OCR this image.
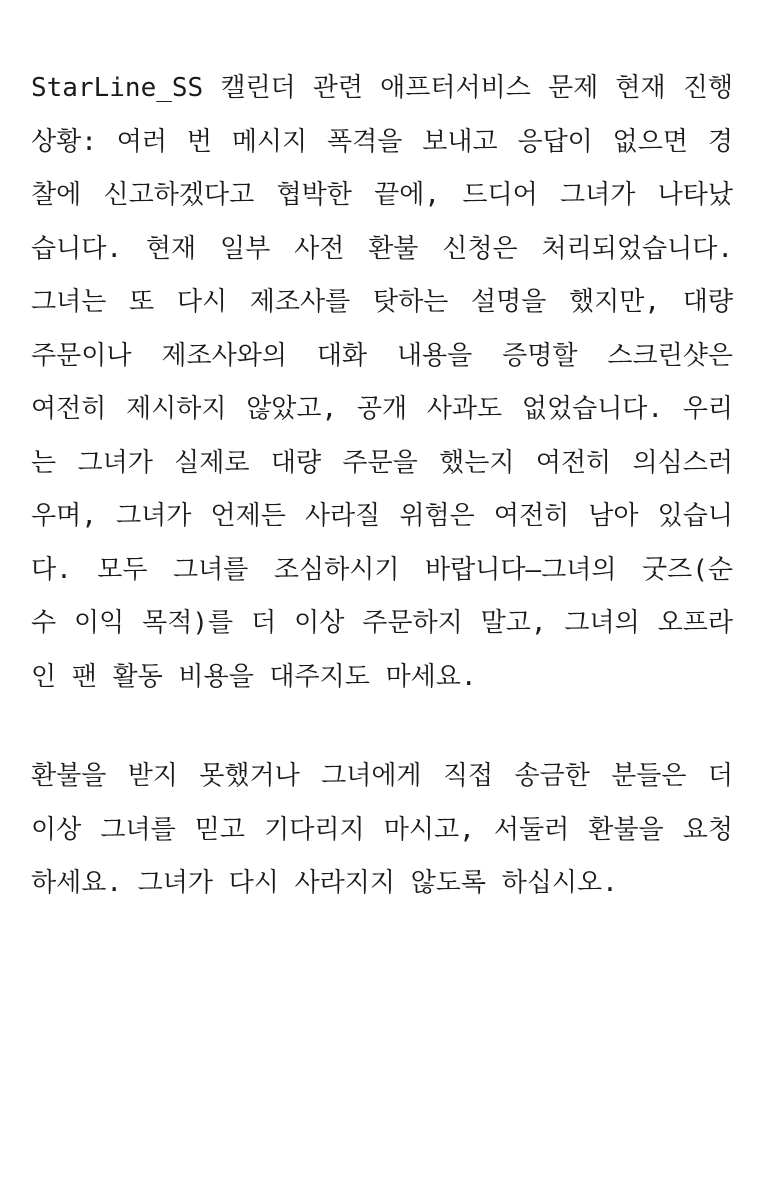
StarLine_SS 캘린더 관련 애프터서비스 문제 현재 진행
상황: 여러 번 메시지 폭격을 보내고 응답이 없으면 경
찰에 신고하겠다고 협박한 끝에, 드디어 그녀가 나타났
습니다. 현재 일부 사전 환불 신청은 처리되었습니다.
그녀는 또 다시 제조사를 탓하는 설명을 했지만, 대량
주문이나 제조사와의 대화 내용을 증명할 스크린샷은
여전히 제시하지 않았고, 공개 사과도 없었습니다. 우리
는 그녀가 실제로 대량 주문을 했는지 여전히 의심스러
우며, 그녀가 언제든 사라질 위험은 여전히 남아 있습니
다. 모두 그녀를 조심하시기 바랍니다—그녀의 굿즈(순
수 이익 목적)를 더 이상 주문하지 말고, 그녀의 오프라
인 팬 활동 비용을 대주지도 마세요.
환불을 받지 못했거나 그녀에게 직접 송금한 분들은 더
이상 그녀를 믿고 기다리지 마시고, 서둘러 환불을 요청
하세요. 그녀가 다시 사라지지 않도록 하십시오.
